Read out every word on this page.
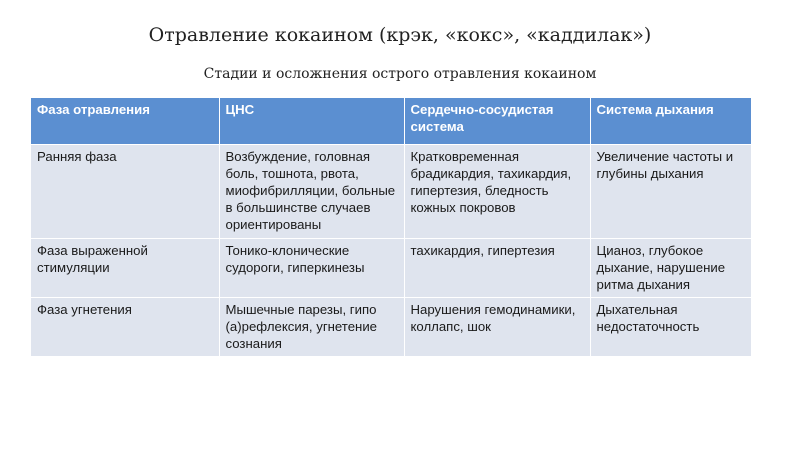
Отравление кокаином (крэк, «кокс», «каддилак»)
Стадии и осложнения острого отравления кокаином
Фаза отравления	ЦНС	Сердечно-сосудистая система	Система дыхания
Ранняя фаза	Возбуждение, головная боль, тошнота, рвота, миофибрилляции, больные в большинстве случаев ориентированы	Кратковременная брадикардия, тахикардия, гипертезия, бледность кожных покровов	Увеличение частоты и глубины дыхания
Фаза выраженной стимуляции	Тонико-клонические судороги, гиперкинезы	тахикардия, гипертезия	Цианоз, глубокое дыхание, нарушение ритма дыхания
Фаза угнетения	Мышечные парезы, гипо (а)рефлексия, угнетение сознания	Нарушения гемодинамики, коллапс, шок	Дыхательная недостаточность
